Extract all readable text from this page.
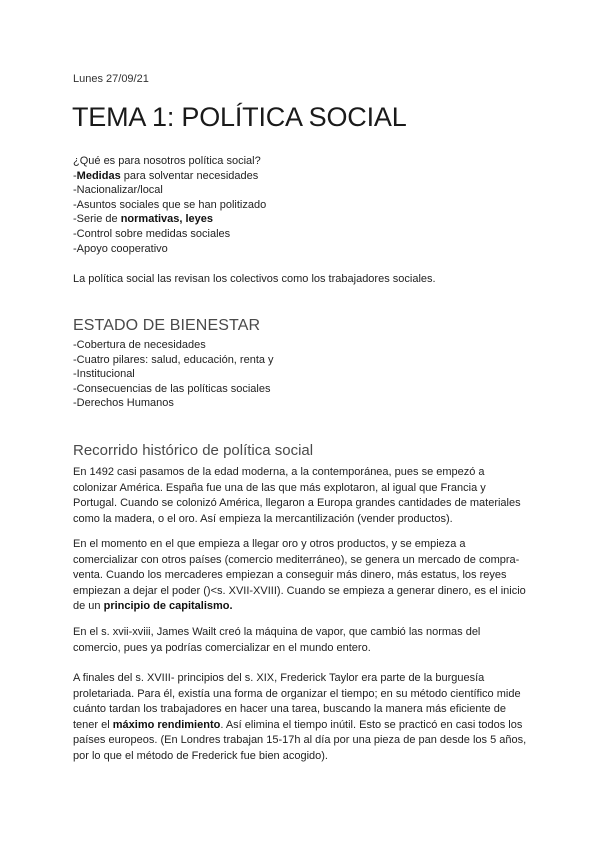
Lunes 27/09/21
TEMA 1: POLÍTICA SOCIAL

¿Qué es para nosotros política social?

-Medidas para solventar necesidades

-Nacionalizar/local

-Asuntos sociales que se han politizado

-Serie de normativas, leyes

-Control sobre medidas sociales

-Apoyo cooperativo

La política social las revisan los colectivos como los trabajadores sociales.

ESTADO DE BIENESTAR

-Cobertura de necesidades

-Cuatro pilares: salud, educación, renta y

-Institucional

-Consecuencias de las políticas sociales

-Derechos Humanos

Recorrido histórico de política social

En 1492 casi pasamos de la edad moderna, a la contemporánea, pues se empezó a colonizar América. España fue una de las que más explotaron, al igual que Francia y Portugal. Cuando se colonizó América, llegaron a Europa grandes cantidades de materiales como la madera, o el oro. Así empieza la mercantilización (vender productos).

En el momento en el que empieza a llegar oro y otros productos, y se empieza a comercializar con otros países (comercio mediterráneo), se genera un mercado de compra-venta. Cuando los mercaderes empiezan a conseguir más dinero, más estatus, los reyes empiezan a dejar el poder ()<s. XVII-XVIII). Cuando se empieza a generar dinero, es el inicio de un principio de capitalismo.

En el s. xvii-xviii, James Wailt creó la máquina de vapor, que cambió las normas del comercio, pues ya podrías comercializar en el mundo entero.

A finales del s. XVIII- principios del s. XIX, Frederick Taylor era parte de la burguesía proletariada. Para él, existía una forma de organizar el tiempo; en su método científico mide cuánto tardan los trabajadores en hacer una tarea, buscando la manera más eficiente de tener el máximo rendimiento. Así elimina el tiempo inútil. Esto se practicó en casi todos los países europeos. (En Londres trabajan 15-17h al día por una pieza de pan desde los 5 años, por lo que el método de Frederick fue bien acogido).
